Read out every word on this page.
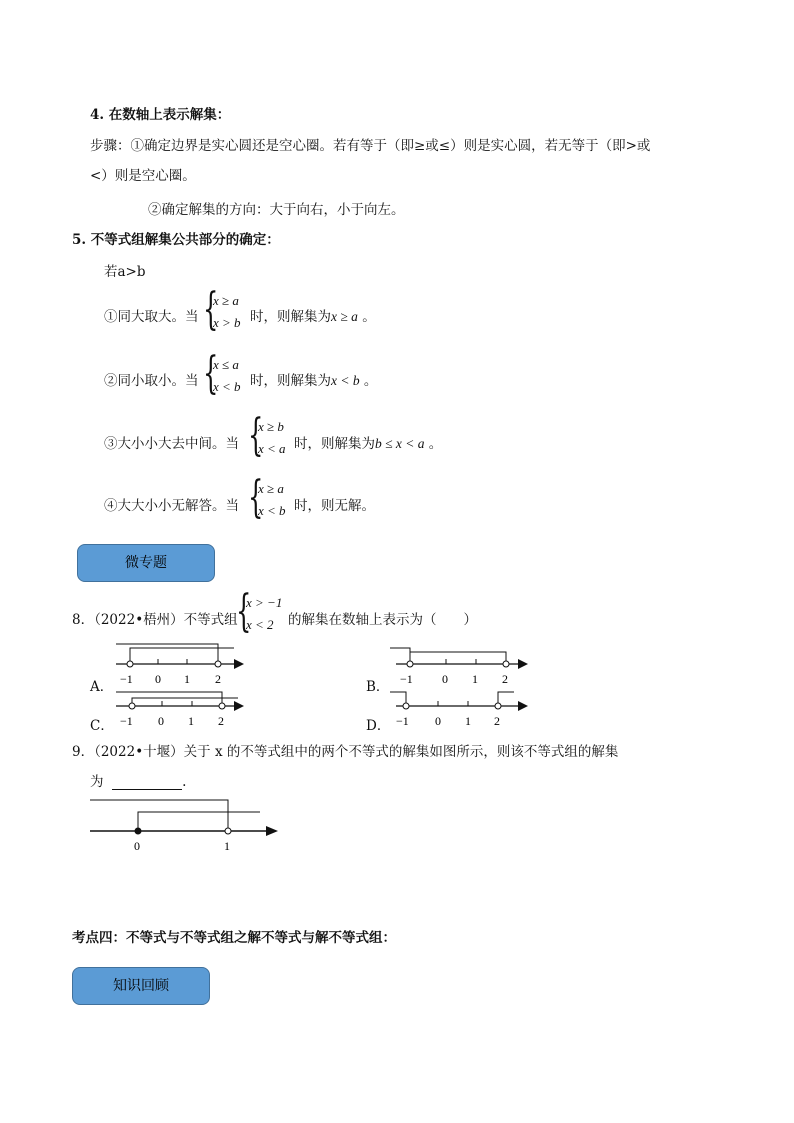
4. 在数轴上表示解集：
步骤：①确定边界是实心圆还是空心圈。若有等于（即≥或≤）则是实心圆，若无等于（即>或
<）则是空心圈。
②确定解集的方向：大于向右，小于向左。
5. 不等式组解集公共部分的确定：
若a>b
①同大取大。当 {
x ≥ a
x > b 时，则解集为x ≥ a 。
②同小取小。当 {
x ≤ a
x < b 时，则解集为x < b 。
③大小小大去中间。当 {
x ≥ b
x < a 时，则解集为b ≤ x < a 。
④大大小小无解答。当 {
x ≥ a
x < b 时，则无解。
微专题
8．（2022•梧州）不等式组
{
x > −1
x < 2 的解集在数轴上表示为（　　）
A． −1 0 1 2	B． −1 0 1 2
C． −1 0 1 2	D． −1 0 1 2
9．（2022•十堰）关于 x 的不等式组中的两个不等式的解集如图所示，则该不等式组的解集
为	.
0	1
考点四：不等式与不等式组之解不等式与解不等式组：
知识回顾
